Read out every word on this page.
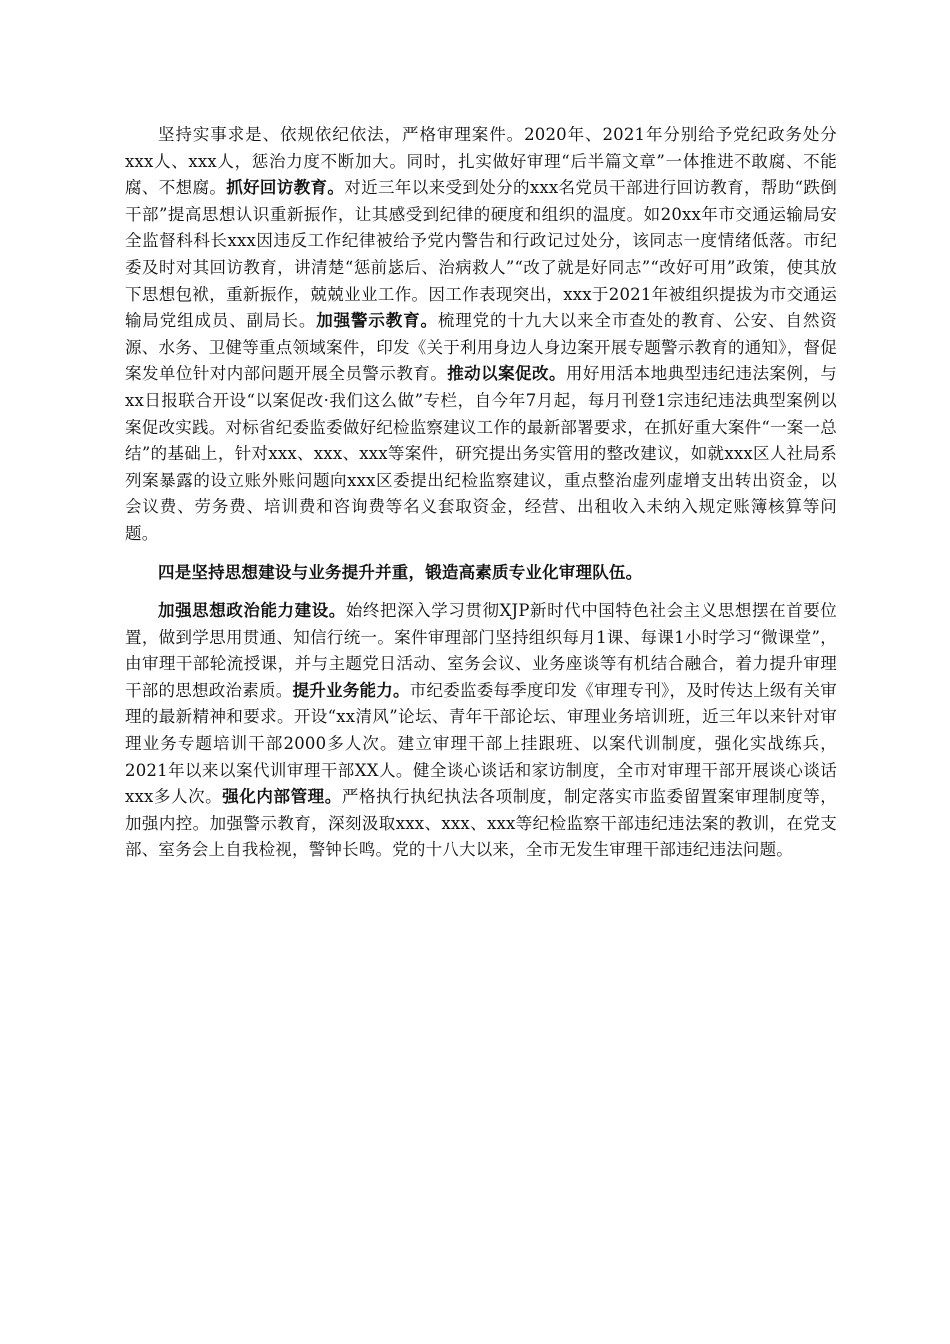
坚持实事求是、依规依纪依法，严格审理案件。2020年、2021年分别给予党纪政务处分xxx人、xxx人，惩治力度不断加大。同时，扎实做好审理“后半篇文章”一体推进不敢腐、不能腐、不想腐。抓好回访教育。对近三年以来受到处分的xxx名党员干部进行回访教育，帮助“跌倒干部”提高思想认识重新振作，让其感受到纪律的硬度和组织的温度。如20xx年市交通运输局安全监督科科长xxx因违反工作纪律被给予党内警告和行政记过处分，该同志一度情绪低落。市纪委及时对其回访教育，讲清楚“惩前毖后、治病救人”“改了就是好同志”“改好可用”政策，使其放下思想包袱，重新振作，兢兢业业工作。因工作表现突出，xxx于2021年被组织提拔为市交通运输局党组成员、副局长。加强警示教育。梳理党的十九大以来全市查处的教育、公安、自然资源、水务、卫健等重点领域案件，印发《关于利用身边人身边案开展专题警示教育的通知》，督促案发单位针对内部问题开展全员警示教育。推动以案促改。用好用活本地典型违纪违法案例，与xx日报联合开设“以案促改·我们这么做”专栏，自今年7月起，每月刊登1宗违纪违法典型案例以案促改实践。对标省纪委监委做好纪检监察建议工作的最新部署要求，在抓好重大案件“一案一总结”的基础上，针对xxx、xxx、xxx等案件，研究提出务实管用的整改建议，如就xxx区人社局系列案暴露的设立账外账问题向xxx区委提出纪检监察建议，重点整治虚列虚增支出转出资金，以会议费、劳务费、培训费和咨询费等名义套取资金，经营、出租收入未纳入规定账簿核算等问题。

四是坚持思想建设与业务提升并重，锻造高素质专业化审理队伍。

加强思想政治能力建设。始终把深入学习贯彻XJP新时代中国特色社会主义思想摆在首要位置，做到学思用贯通、知信行统一。案件审理部门坚持组织每月1课、每课1小时学习“微课堂”，由审理干部轮流授课，并与主题党日活动、室务会议、业务座谈等有机结合融合，着力提升审理干部的思想政治素质。提升业务能力。市纪委监委每季度印发《审理专刊》，及时传达上级有关审理的最新精神和要求。开设“xx清风”论坛、青年干部论坛、审理业务培训班，近三年以来针对审理业务专题培训干部2000多人次。建立审理干部上挂跟班、以案代训制度，强化实战练兵，2021年以来以案代训审理干部XX人。健全谈心谈话和家访制度，全市对审理干部开展谈心谈话xxx多人次。强化内部管理。严格执行执纪执法各项制度，制定落实市监委留置案审理制度等，加强内控。加强警示教育，深刻汲取xxx、xxx、xxx等纪检监察干部违纪违法案的教训，在党支部、室务会上自我检视，警钟长鸣。党的十八大以来，全市无发生审理干部违纪违法问题。
